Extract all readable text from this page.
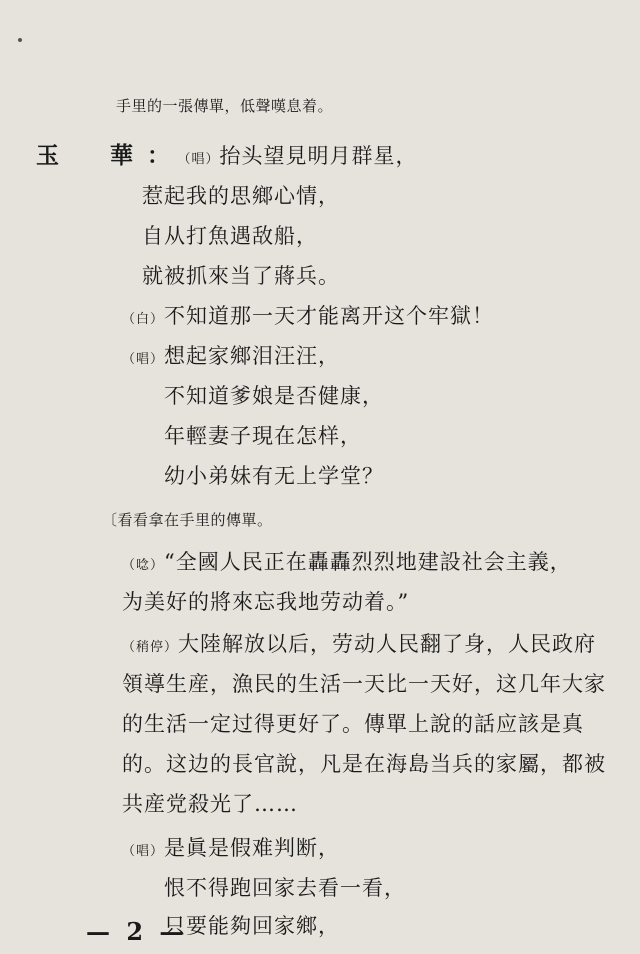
手里的一張傳單，低聲嘆息着。
玉　華：（唱）抬头望見明月群星，
惹起我的思鄉心情，
自从打魚遇敌船，
就被抓來当了蔣兵。
（白）不知道那一天才能离开这个牢獄！
（唱）想起家鄉泪汪汪，
不知道爹娘是否健康，
年輕妻子現在怎样，
幼小弟妹有无上学堂？
〔看看拿在手里的傳單。
（唸）“全國人民正在轟轟烈烈地建設社会主義，
为美好的將來忘我地劳动着。”
（稍停）大陸解放以后，劳动人民翻了身，人民政府
領導生産，漁民的生活一天比一天好，这几年大家
的生活一定过得更好了。傳單上說的話应該是真
的。这边的長官說，凡是在海島当兵的家屬，都被
共産党殺光了……
（唱）是眞是假难判断，
恨不得跑回家去看一看，
只要能夠回家鄉，
— 2 —
